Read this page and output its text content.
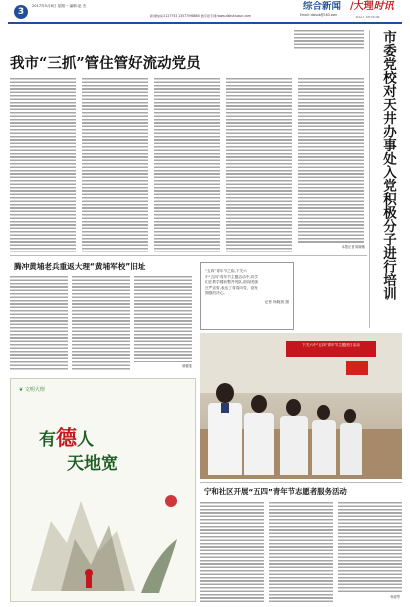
3
2017年5月8日 星期一 编辑:赵 杰
新闻热线:2127753 13577098860 数字报专网:www.dalishiuxun.com	Email: dalsxb@163.com
综合新闻 /大理时讯
DALI SHIXUN
我市“三抓”管住管好流动党员
本报记者 陈晓敏	市委党校对天井办事处入党积极分子进行培训
腾冲黄埔老兵重返大理“黄埔军校”旧址
·鹿健斐
“五四”青年节之际,下关六
中“五四”青年节主题活动中,同学
们在教学楼前整齐列队,面向团旗
庄严宣誓,表达了青春向党、奋发
图强的决心。
记者 杨晓茵 摄
下关六中“五四”青年节主题团日活动
❦ 文明大理
有德人
天地宽
宁和社区开展“五四”青年节志愿者服务活动
·杨春琴
